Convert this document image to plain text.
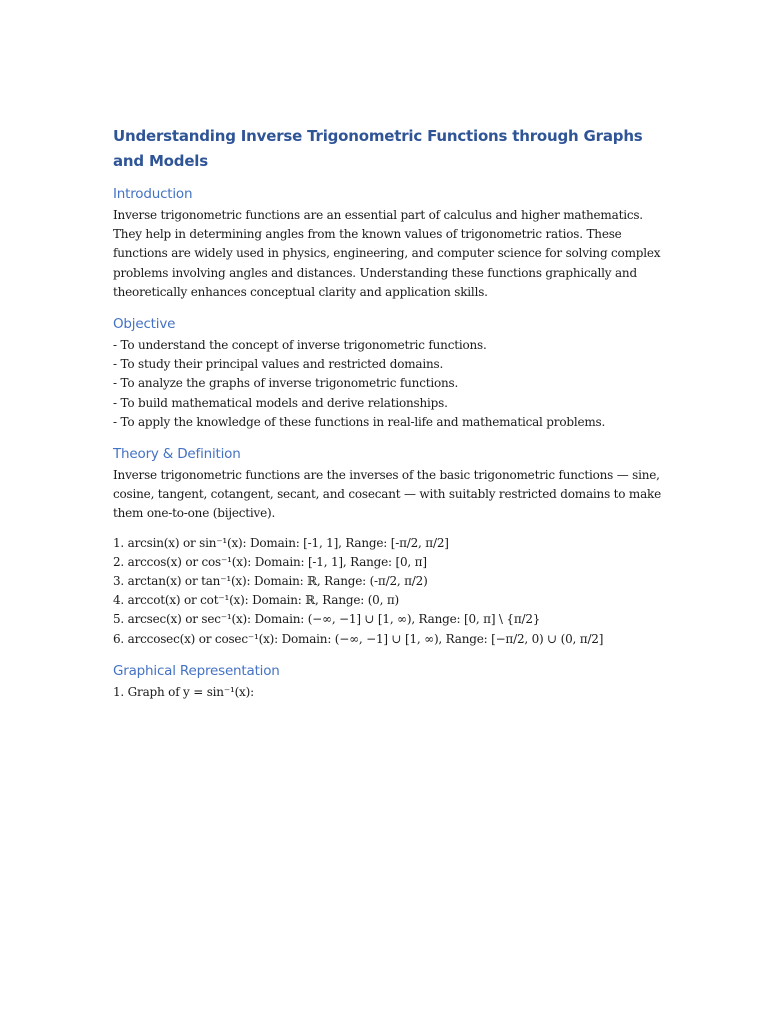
Understanding Inverse Trigonometric Functions through Graphs and Models
Introduction

Inverse trigonometric functions are an essential part of calculus and higher mathematics. They help in determining angles from the known values of trigonometric ratios. These functions are widely used in physics, engineering, and computer science for solving complex problems involving angles and distances. Understanding these functions graphically and theoretically enhances conceptual clarity and application skills.

Objective
- To understand the concept of inverse trigonometric functions.
- To study their principal values and restricted domains.
- To analyze the graphs of inverse trigonometric functions.
- To build mathematical models and derive relationships.
- To apply the knowledge of these functions in real-life and mathematical problems.
Theory & Definition

Inverse trigonometric functions are the inverses of the basic trigonometric functions — sine, cosine, tangent, cotangent, secant, and cosecant — with suitably restricted domains to make them one-to-one (bijective).

1. arcsin(x) or sin⁻¹(x): Domain: [-1, 1], Range: [-π/2, π/2]
2. arccos(x) or cos⁻¹(x): Domain: [-1, 1], Range: [0, π]
3. arctan(x) or tan⁻¹(x): Domain: ℝ, Range: (-π/2, π/2)
4. arccot(x) or cot⁻¹(x): Domain: ℝ, Range: (0, π)
5. arcsec(x) or sec⁻¹(x): Domain: (−∞, −1] ∪ [1, ∞), Range: [0, π] \ {π/2}
6. arccosec(x) or cosec⁻¹(x): Domain: (−∞, −1] ∪ [1, ∞), Range: [−π/2, 0) ∪ (0, π/2]
Graphical Representation
1. Graph of y = sin⁻¹(x):
